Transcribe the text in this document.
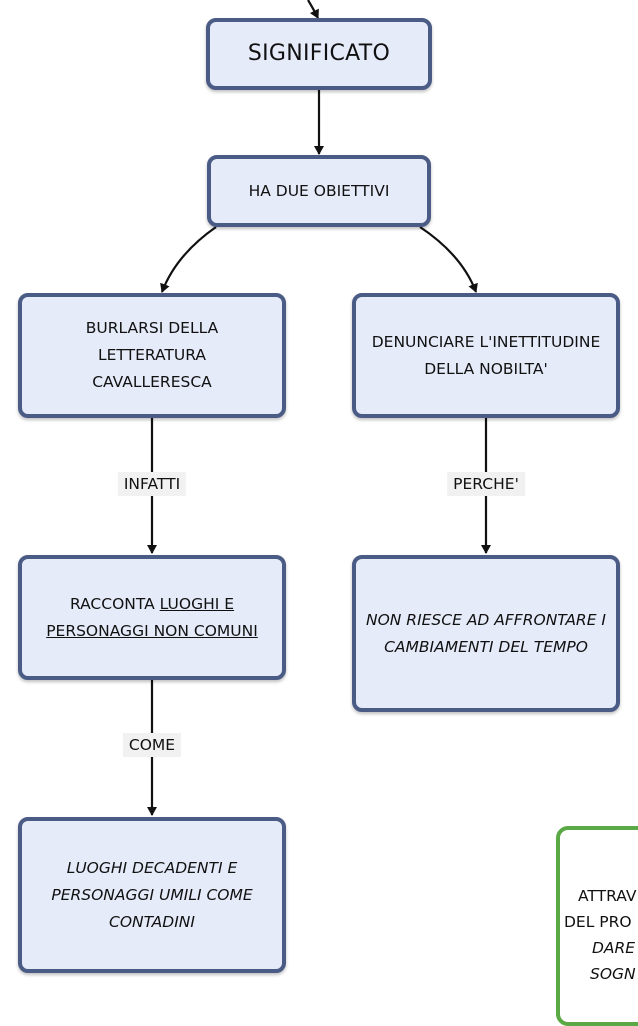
SIGNIFICATO
HA DUE OBIETTIVI
BURLARSI DELLA LETTERATURA CAVALLERESCA
DENUNCIARE L'INETTITUDINE DELLA NOBILTA'
INFATTI	PERCHE'
RACCONTA LUOGHI E
PERSONAGGI NON COMUNI
NON RIESCE AD AFFRONTARE I CAMBIAMENTI DEL TEMPO
COME
LUOGHI DECADENTI E PERSONAGGI UMILI COME CONTADINI
ATTRAV
DEL PRO
DARE
SOGN
